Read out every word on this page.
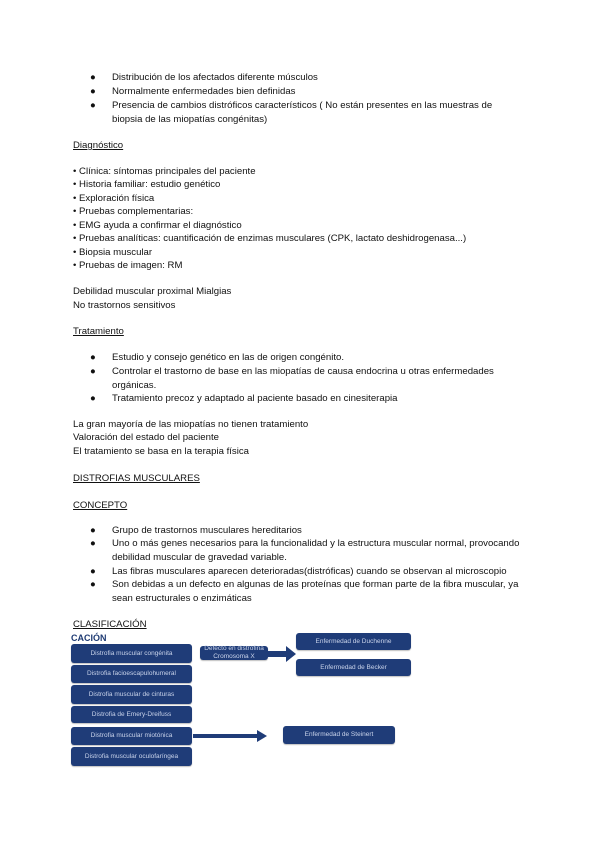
● Distribución de los afectados diferente músculos
● Normalmente enfermedades bien definidas
● Presencia de cambios distróficos característicos ( No están presentes en las muestras de biopsia de las miopatías congénitas)
Diagnóstico
• Clínica: síntomas principales del paciente
• Historia familiar: estudio genético
• Exploración física
• Pruebas complementarias:
• EMG ayuda a confirmar el diagnóstico
• Pruebas analíticas: cuantificación de enzimas musculares (CPK, lactato deshidrogenasa...)
• Biopsia muscular
• Pruebas de imagen: RM
Debilidad muscular proximal Mialgias
No trastornos sensitivos
Tratamiento
● Estudio y consejo genético en las de origen congénito.
● Controlar el trastorno de base en las miopatías de causa endocrina u otras enfermedades orgánicas.
● Tratamiento precoz y adaptado al paciente basado en cinesiterapia
La gran mayoría de las miopatías no tienen tratamiento
Valoración del estado del paciente
El tratamiento se basa en la terapia física
DISTROFIAS MUSCULARES
CONCEPTO
● Grupo de trastornos musculares hereditarios
● Uno o más genes necesarios para la funcionalidad y la estructura muscular normal, provocando debilidad muscular de gravedad variable.
● Las fibras musculares aparecen deterioradas(distróficas) cuando se observan al microscopio
● Son debidas a un defecto en algunas de las proteínas que forman parte de la fibra muscular, ya sean estructurales o enzimáticas
CLASIFICACIÓN
CACIÓN
Distrofia muscular congénita
Distrofia facioescapulohumeral
Distrofia muscular de cinturas
Distrofia de Emery-Dreifuss
Distrofia muscular miotónica
Distrofia muscular oculofaríngea
Defecto en distrofina Cromosoma X
Enfermedad de Duchenne
Enfermedad de Becker
Enfermedad de Steinert
